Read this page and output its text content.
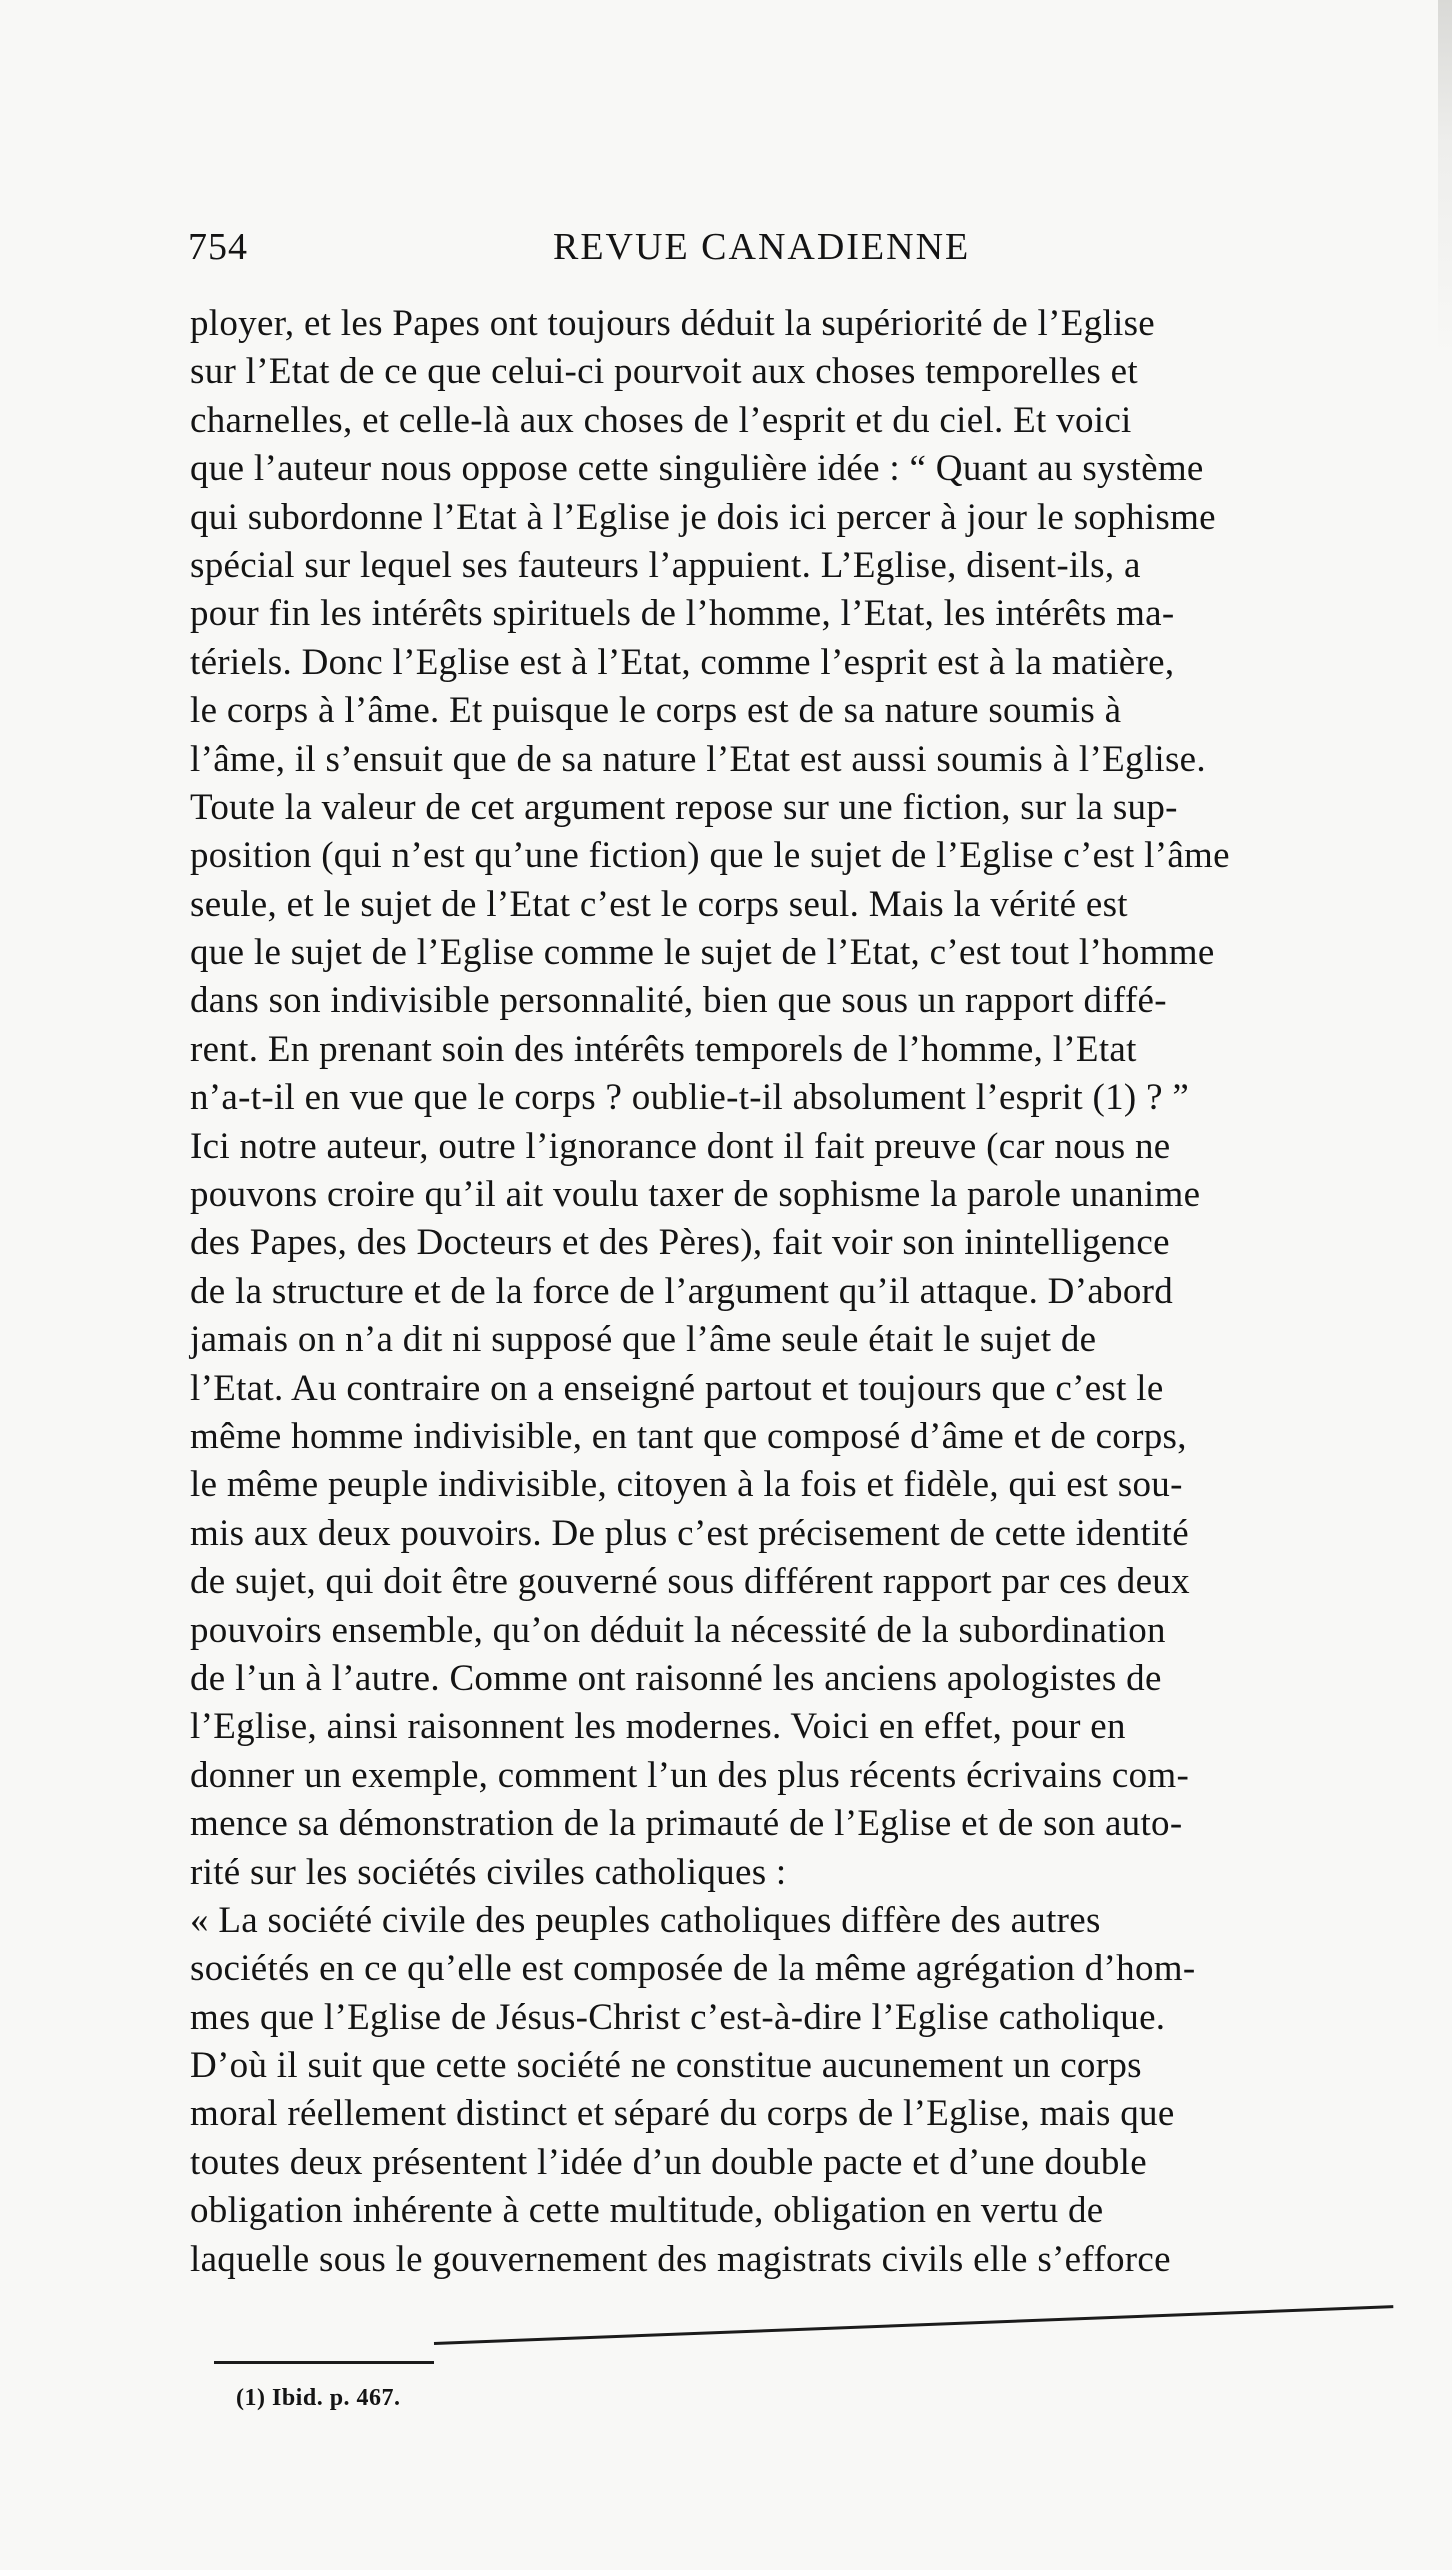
754	REVUE CANADIENNE
ployer, et les Papes ont toujours déduit la supériorité de l’Eglise
sur l’Etat de ce que celui-ci pourvoit aux choses temporelles et
charnelles, et celle-là aux choses de l’esprit et du ciel. Et voici
que l’auteur nous oppose cette singulière idée : “ Quant au système
qui subordonne l’Etat à l’Eglise je dois ici percer à jour le sophisme
spécial sur lequel ses fauteurs l’appuient. L’Eglise, disent-ils, a
pour fin les intérêts spirituels de l’homme, l’Etat, les intérêts ma-
tériels. Donc l’Eglise est à l’Etat, comme l’esprit est à la matière,
le corps à l’âme. Et puisque le corps est de sa nature soumis à
l’âme, il s’ensuit que de sa nature l’Etat est aussi soumis à l’Eglise.
Toute la valeur de cet argument repose sur une fiction, sur la sup-
position (qui n’est qu’une fiction) que le sujet de l’Eglise c’est l’âme
seule, et le sujet de l’Etat c’est le corps seul. Mais la vérité est
que le sujet de l’Eglise comme le sujet de l’Etat, c’est tout l’homme
dans son indivisible personnalité, bien que sous un rapport diffé-
rent. En prenant soin des intérêts temporels de l’homme, l’Etat
n’a-t-il en vue que le corps ? oublie-t-il absolument l’esprit (1) ? ”
Ici notre auteur, outre l’ignorance dont il fait preuve (car nous ne
pouvons croire qu’il ait voulu taxer de sophisme la parole unanime
des Papes, des Docteurs et des Pères), fait voir son inintelligence
de la structure et de la force de l’argument qu’il attaque. D’abord
jamais on n’a dit ni supposé que l’âme seule était le sujet de
l’Etat. Au contraire on a enseigné partout et toujours que c’est le
même homme indivisible, en tant que composé d’âme et de corps,
le même peuple indivisible, citoyen à la fois et fidèle, qui est sou-
mis aux deux pouvoirs. De plus c’est précisement de cette identité
de sujet, qui doit être gouverné sous différent rapport par ces deux
pouvoirs ensemble, qu’on déduit la nécessité de la subordination
de l’un à l’autre. Comme ont raisonné les anciens apologistes de
l’Eglise, ainsi raisonnent les modernes. Voici en effet, pour en
donner un exemple, comment l’un des plus récents écrivains com-
mence sa démonstration de la primauté de l’Eglise et de son auto-
rité sur les sociétés civiles catholiques :
« La société civile des peuples catholiques diffère des autres
sociétés en ce qu’elle est composée de la même agrégation d’hom-
mes que l’Eglise de Jésus-Christ c’est-à-dire l’Eglise catholique.
D’où il suit que cette société ne constitue aucunement un corps
moral réellement distinct et séparé du corps de l’Eglise, mais que
toutes deux présentent l’idée d’un double pacte et d’une double
obligation inhérente à cette multitude, obligation en vertu de
laquelle sous le gouvernement des magistrats civils elle s’efforce
(1) Ibid. p. 467.
